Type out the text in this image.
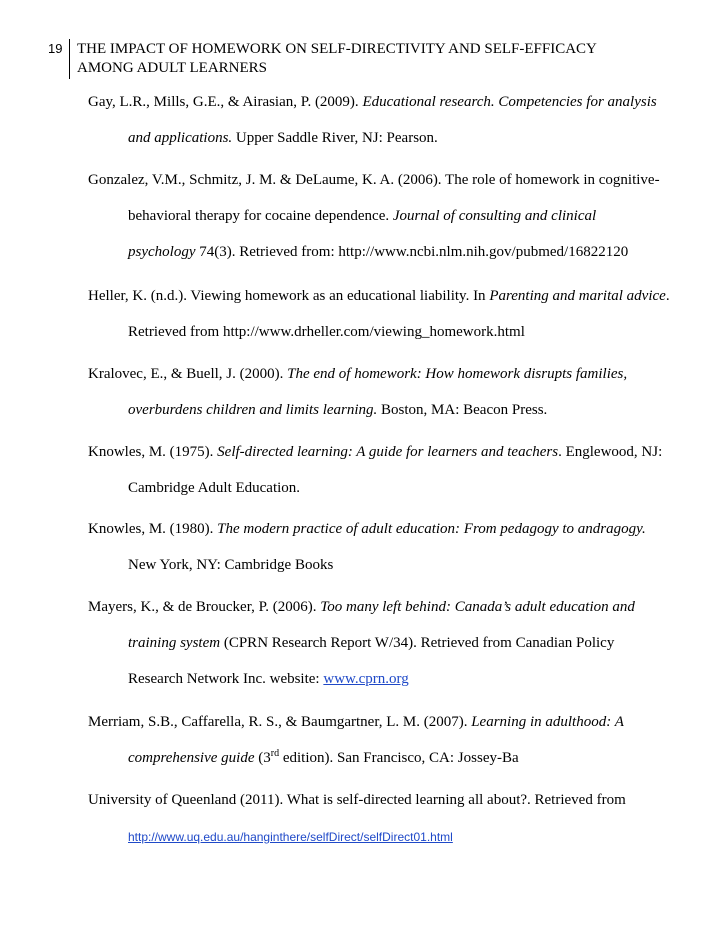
19 THE IMPACT OF HOMEWORK ON SELF-DIRECTIVITY AND SELF-EFFICACY
AMONG ADULT LEARNERS
Gay, L.R., Mills, G.E., & Airasian, P. (2009). Educational research. Competencies for analysis
and applications. Upper Saddle River, NJ: Pearson.
Gonzalez, V.M., Schmitz, J. M. & DeLaume, K. A. (2006). The role of homework in cognitive-
behavioral therapy for cocaine dependence. Journal of consulting and clinical
psychology 74(3). Retrieved from: http://www.ncbi.nlm.nih.gov/pubmed/16822120
Heller, K. (n.d.). Viewing homework as an educational liability. In Parenting and marital advice.
Retrieved from http://www.drheller.com/viewing_homework.html
Kralovec, E., & Buell, J. (2000). The end of homework: How homework disrupts families,
overburdens children and limits learning. Boston, MA: Beacon Press.
Knowles, M. (1975). Self-directed learning: A guide for learners and teachers. Englewood, NJ:
Cambridge Adult Education.
Knowles, M. (1980). The modern practice of adult education: From pedagogy to andragogy.
New York, NY: Cambridge Books
Mayers, K., & de Broucker, P. (2006). Too many left behind: Canada’s adult education and
training system (CPRN Research Report W/34). Retrieved from Canadian Policy
Research Network Inc. website: www.cprn.org
Merriam, S.B., Caffarella, R. S., & Baumgartner, L. M. (2007). Learning in adulthood: A
comprehensive guide (3rd edition). San Francisco, CA: Jossey-Ba
University of Queenland (2011). What is self-directed learning all about?. Retrieved from
http://www.uq.edu.au/hanginthere/selfDirect/selfDirect01.html
